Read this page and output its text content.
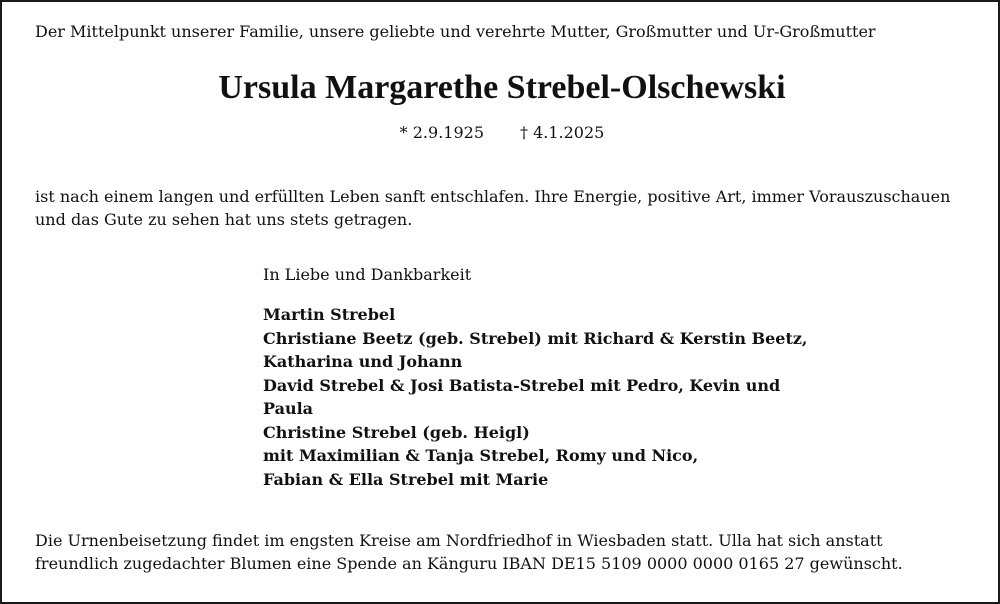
Der Mittelpunkt unserer Familie, unsere geliebte und verehrte Mutter, Großmutter und Ur-Großmutter
Ursula Margarethe Strebel-Olschewski
* 2.9.1925 † 4.1.2025
ist nach einem langen und erfüllten Leben sanft entschlafen. Ihre Energie, positive Art, immer Vorauszuschauen
und das Gute zu sehen hat uns stets getragen.
In Liebe und Dankbarkeit
Martin Strebel
Christiane Beetz (geb. Strebel) mit Richard & Kerstin Beetz,
Katharina und Johann
David Strebel & Josi Batista-Strebel mit Pedro, Kevin und
Paula
Christine Strebel (geb. Heigl)
mit Maximilian & Tanja Strebel, Romy und Nico,
Fabian & Ella Strebel mit Marie
Die Urnenbeisetzung findet im engsten Kreise am Nordfriedhof in Wiesbaden statt. Ulla hat sich anstatt
freundlich zugedachter Blumen eine Spende an Känguru IBAN DE15 5109 0000 0000 0165 27 gewünscht.
